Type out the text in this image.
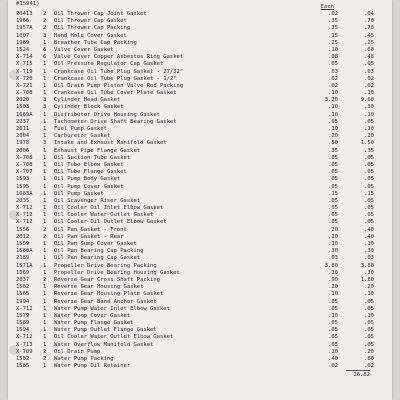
#15941)	Each
20413	2	Oil Thrower Cap Joint Gasket	.02	.04
1966	2	Oil Thrower Cap Gasket	.35	.70
1957A	2	Oil Thrower Cap Packing	.35	.70
1007	3	Hand Hole Cover Gasket	.15	.45
1969	1	Breather Tube Cap Packing	.25	.25
1524	6	Valve Cover Gasket	.10	.60
X-714	6	Valve Cover Copper Asbestos Ring Gasket	.08	.48
X-715	1	Oil Pressure Regulator Cap Gasket	.05	.05
X-719	1	Crankcase Oil Tube Plug Gasket - 27/32"	.03	.03
X-720	1	Crankcase Oil Tube Plug Gasket - 1/2"	.02	.02
X-721	1	Oil Drain Pump Piston Valve Rod Packing	.02	.02
X-708	1	Crankcase Oil Tube Cover Plate Gasket	.10	.10
2020	3	Cylinder Head Gasket	3.20	9.60
1503	3	Cylinder Block Gasket	.10	.30
1669A	1	Distributor Drive Housing Gasket	.10	.10
2237	1	Tachometer Drive Shaft Bearing Gasket	.05	.05
2011	1	Fuel Pump Gasket	.10	.10
2004	1	Carburetor Gasket	.20	.20
1978	3	Intake and Exhaust Manifold Gasket	.50	1.50
2006	1	Exhaust Pipe Flange Gasket	.35	.35
X-708	1	Oil Suction Tube Gasket	.05	.05
X-708	1	Oil Tube Elbow Gasket	.05	.05
X-707	1	Oil Tube Flange Gasket	.05	.05
1593	1	Oil Pump Body Gasket	.05	.05
1595	1	Oil Pump Cover Gasket	.05	.05
1603A	1	Oil Pump Gasket	.15	.15
2035	1	Oil Scavenger Riser Gasket	.05	.05
X-712	1	Oil Cooler Oil Inlet Elbow Gasket	.05	.05
X-712	1	Oil Cooler Water Outlet Gasket	.05	.05
X-712	1	Oil Cooler Oil Outlet Elbow Gasket	.05	.05
1556	2	Oil Pan Gasket - Front	.20	.40
2012	2	Oil Pan Gasket - Rear	.20	.40
1559	1	Oil Pan Sump Cover Gasket	.10	.10
1560A	1	Oil Pan Bearing Cap Packing	.30	.30
2189	1	Oil Pan Bearing Cap Gasket	.03	.03
1571A	1	Propeller Drive Bearing Packing	3.80	3.80
1569	1	Propeller Drive Bearing Housing Gasket	.30	.30
2037	2	Reverse Gear Cross Shaft Packing	.90	1.80
1562	1	Reverse Gear Housing Gasket	.20	.20
1565	1	Reverse Gear Housing Plate Gasket	.10	.10
1994	1	Reverse Gear Band Anchor Gasket	.05	.05
X-712	1	Water Pump Water Inlet Elbow Gasket	.05	.05
1579	1	Water Pump Cover Gasket	.10	.10
1589	1	Water Pump Flange Gasket	.05	.05
1594	1	Water Pump Outlet Flange Gasket	.05	.05
X-712	1	Oil Cooler Water Outlet Elbow Gasket	.05	.05
X-713	1	Water Overflow Manifold Gasket	.05	.05
X-709	2	Oil Drain Pump	.10	.20
1582	2	Water Pump Packing	.40	.80
1585	1	Water Pump Oil Retainer	.02	.02
26.82
